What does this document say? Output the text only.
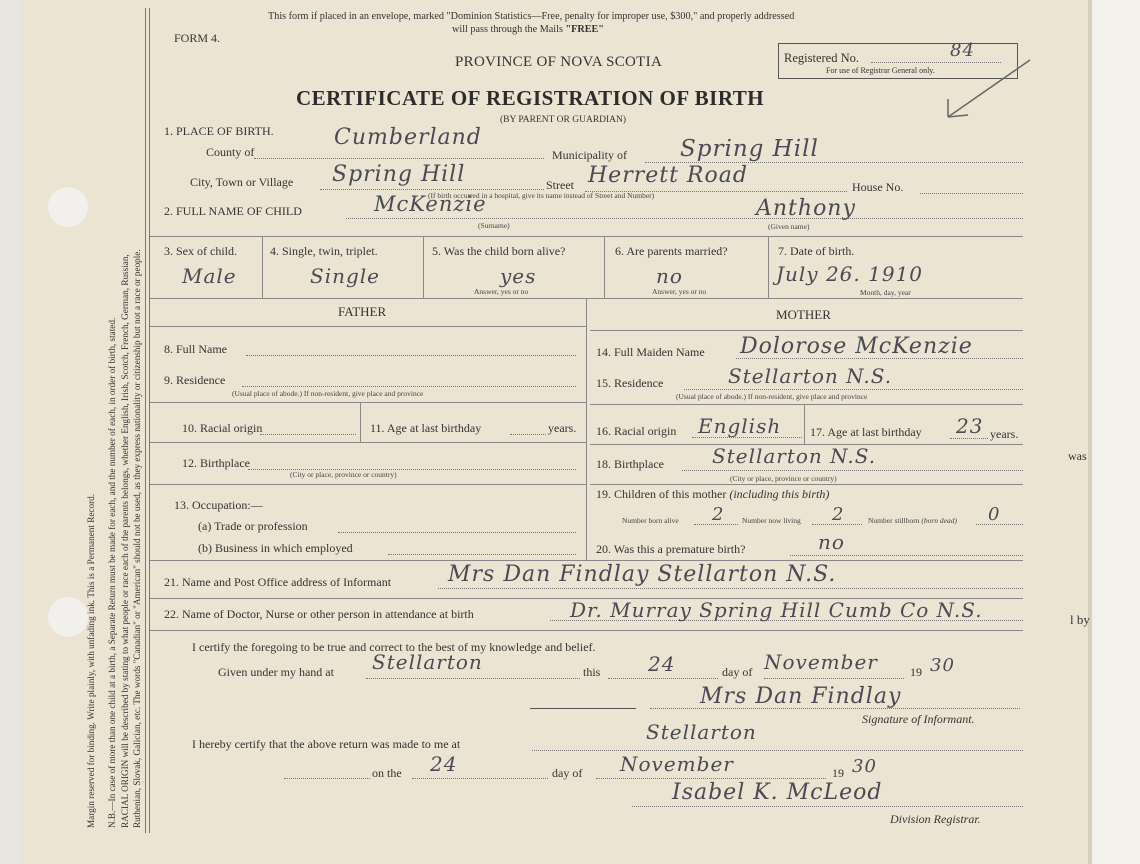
was
l by
Margin reserved for binding. Write plainly, with unfading ink. This is a Permanent Record. N.B.—In case of more than one child at a birth, a Separate Return must be made for each, and the number of each, in order of birth, stated. RACIAL ORIGIN will be described by stating to what people or race each of the parents belongs, whether English, Irish, Scotch, French, German, Russian, Ruthenian, Slovak, Galician, etc. The words "Canadian" or "American" should not be used, as they express nationality or citizenship but not a race or people.
This form if placed in an envelope, marked "Dominion Statistics—Free, penalty for improper use, $300," and properly addressed
will pass through the Mails "FREE"
FORM 4.
PROVINCE OF NOVA SCOTIA
CERTIFICATE OF REGISTRATION OF BIRTH
(BY PARENT OR GUARDIAN)
Registered No.	84
For use of Registrar General only.
1. PLACE OF BIRTH.
County of
Cumberland
Municipality of Spring Hill
City, Town or Village Spring Hill	Street Herrett Road	House No.
(If birth occurred in a hospital, give its name instead of Street and Number)
2. FULL NAME OF CHILD	McKenzie	Anthony
(Surname)	(Given name)
3. Sex of child.
Male
4. Single, twin, triplet.
Single
5. Was the child born alive?
yes
Answer, yes or no
6. Are parents married?
no
Answer, yes or no
7. Date of birth.
July 26. 1910
Month, day, year
FATHER	MOTHER
8. Full Name
9. Residence
(Usual place of abode.) If non-resident, give place and province
10. Racial origin	11. Age at last birthday	years.
12. Birthplace
(City or place, province or country)
13. Occupation:—
(a) Trade or profession
(b) Business in which employed
14. Full Maiden Name Dolorose McKenzie
15. Residence	Stellarton N.S.
(Usual place of abode.) If non-resident, give place and province
16. Racial origin English 17. Age at last birthday 23 years.
18. Birthplace Stellarton N.S.
(City or place, province or country)
19. Children of this mother (including this birth)
Number born alive 2 Number now living 2	Number stillborn (born dead) 0
20. Was this a premature birth?	no
21. Name and Post Office address of Informant	Mrs Dan Findlay Stellarton N.S.
22. Name of Doctor, Nurse or other person in attendance at birth	Dr. Murray Spring Hill Cumb Co N.S.
I certify the foregoing to be true and correct to the best of my knowledge and belief.
Given under my hand at Stellarton	this 24	day of November	19 30
Mrs Dan Findlay
Signature of Informant.
I hereby certify that the above return was made to me at	Stellarton
on the 24	day of November	19 30
Isabel K. McLeod
Division Registrar.
